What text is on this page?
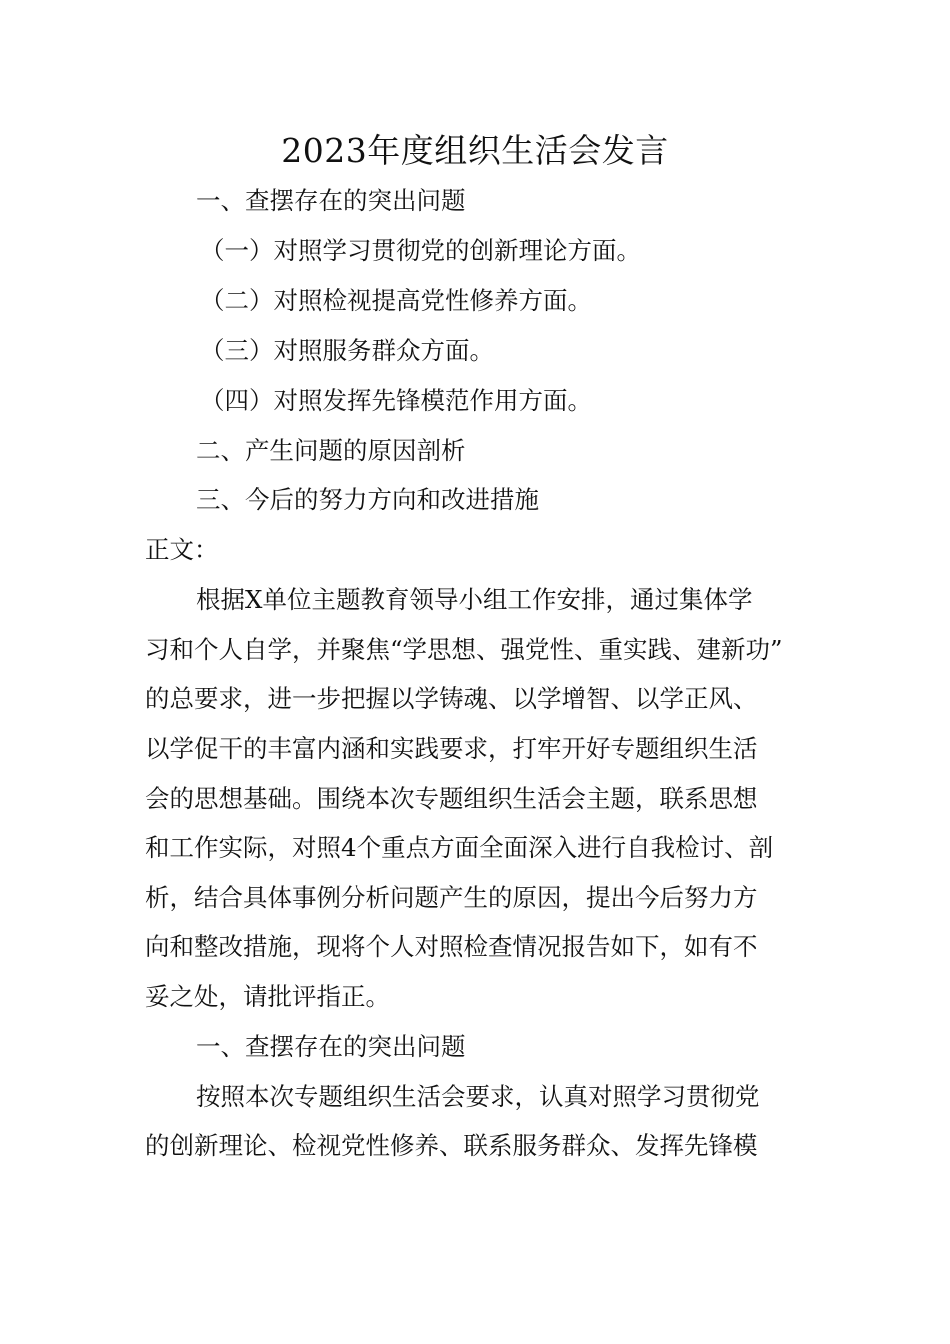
2023年度组织生活会发言

一、查摆存在的突出问题

（一）对照学习贯彻党的创新理论方面。

（二）对照检视提高党性修养方面。

（三）对照服务群众方面。

（四）对照发挥先锋模范作用方面。

二、产生问题的原因剖析

三、今后的努力方向和改进措施

正文：

根据X单位主题教育领导小组工作安排，通过集体学

习和个人自学，并聚焦“学思想、强党性、重实践、建新功”

的总要求，进一步把握以学铸魂、以学增智、以学正风、

以学促干的丰富内涵和实践要求，打牢开好专题组织生活

会的思想基础。围绕本次专题组织生活会主题，联系思想

和工作实际，对照4个重点方面全面深入进行自我检讨、剖

析，结合具体事例分析问题产生的原因，提出今后努力方

向和整改措施，现将个人对照检查情况报告如下，如有不

妥之处，请批评指正。

一、查摆存在的突出问题

按照本次专题组织生活会要求，认真对照学习贯彻党

的创新理论、检视党性修养、联系服务群众、发挥先锋模
